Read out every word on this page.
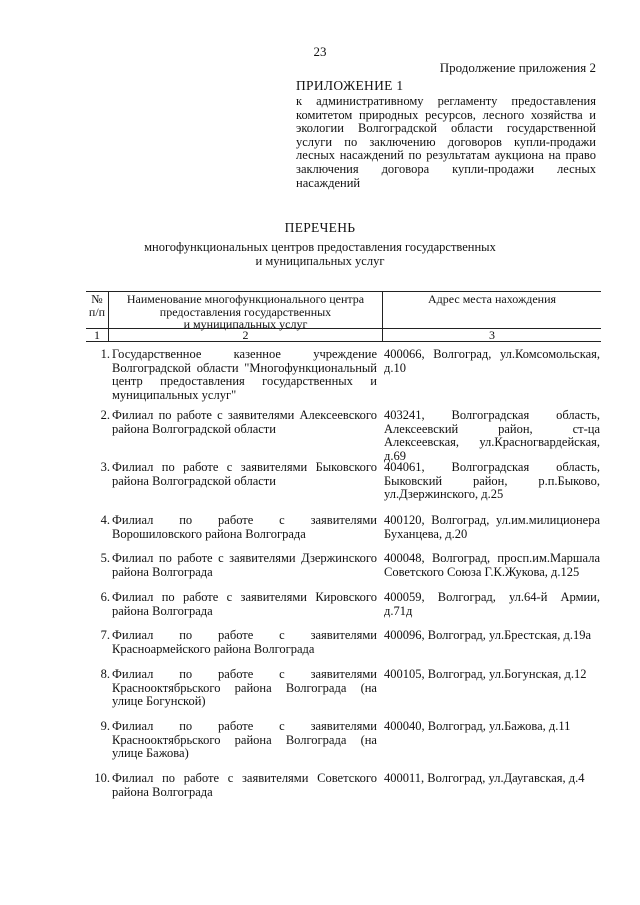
23
Продолжение приложения 2
ПРИЛОЖЕНИЕ 1
к административному регламенту предоставления комитетом природных ресурсов, лесного хозяйства и экологии Волгоградской области государственной услуги по заключению договоров купли-продажи лесных насаждений по результатам аукциона на право заключения договора купли-продажи лесных насаждений
ПЕРЕЧЕНЬ
многофункциональных центров предоставления государственных
и муниципальных услуг
№
п/п
Наименование многофункционального центра
предоставления государственных
и муниципальных услуг
Адрес места нахождения
1	2	3
1. Государственное казенное учреждение Волгоградской области "Многофункциональный центр предоставления государственных и муниципальных услуг"
400066, Волгоград, ул.Комсомольская, д.10
2. Филиал по работе с заявителями Алексеевского района Волгоградской области
403241, Волгоградская область, Алексеевский район, ст-ца Алексеевская, ул.Красногвардейская, д.69
3. Филиал по работе с заявителями Быковского района Волгоградской области
404061, Волгоградская область, Быковский район, р.п.Быково, ул.Дзержинского, д.25
4. Филиал по работе с заявителями Ворошиловского района Волгограда
400120, Волгоград, ул.им.милиционера Буханцева, д.20
5. Филиал по работе с заявителями Дзержинского района Волгограда
400048, Волгоград, просп.им.Маршала Советского Союза Г.К.Жукова, д.125
6. Филиал по работе с заявителями Кировского района Волгограда
400059, Волгоград, ул.64-й Армии, д.71д
7. Филиал по работе с заявителями Красноармейского района Волгограда
400096, Волгоград, ул.Брестская, д.19а
8. Филиал по работе с заявителями Краснооктябрьского района Волгограда (на улице Богунской)
400105, Волгоград, ул.Богунская, д.12
9. Филиал по работе с заявителями Краснооктябрьского района Волгограда (на улице Бажова)
400040, Волгоград, ул.Бажова, д.11
10. Филиал по работе с заявителями Советского района Волгограда
400011, Волгоград, ул.Даугавская, д.4
